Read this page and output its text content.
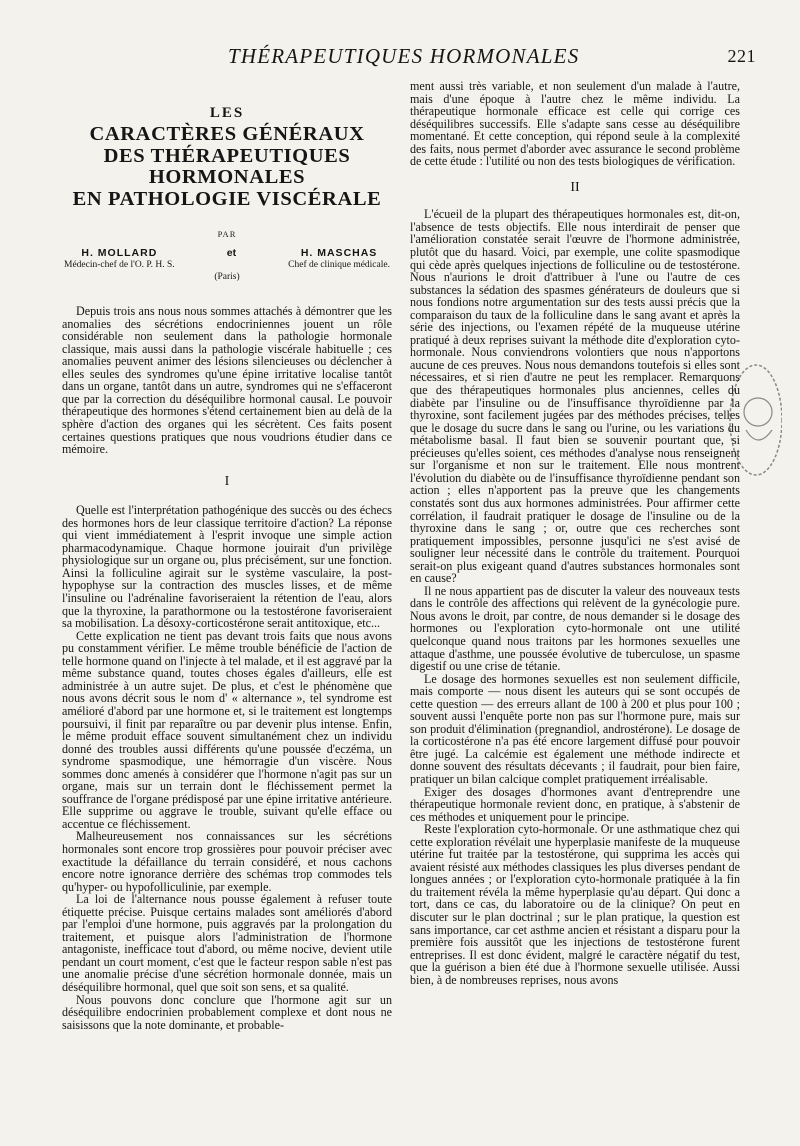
THÉRAPEUTIQUES HORMONALES	221
LES
CARACTÈRES GÉNÉRAUX
DES THÉRAPEUTIQUES
HORMONALES
EN PATHOLOGIE VISCÉRALE
PAR
H. MOLLARD
Médecin-chef de l'O. P. H. S.
et	H. MASCHAS
Chef de clinique médicale.
(Paris)

Depuis trois ans nous nous sommes attachés à démontrer que les anomalies des sécrétions endocriniennes jouent un rôle considérable non seulement dans la pathologie hormonale classique, mais aussi dans la pathologie viscérale habituelle ; ces anomalies peuvent animer des lésions silencieuses ou déclencher à elles seules des syndromes qu'une épine irritative localise tantôt dans un organe, tantôt dans un autre, syndromes qui ne s'effaceront que par la correction du déséquilibre hormonal causal. Le pouvoir thérapeutique des hormones s'étend certainement bien au delà de la sphère d'action des organes qui les sécrètent. Ces faits posent certaines questions pratiques que nous voudrions étudier dans ce mémoire.

I

Quelle est l'interprétation pathogénique des succès ou des échecs des hormones hors de leur classique territoire d'action? La réponse qui vient immédiatement à l'esprit invoque une simple action pharmacodynamique. Chaque hormone jouirait d'un privilège physiologique sur un organe ou, plus précisément, sur une fonction. Ainsi la folliculine agirait sur le système vasculaire, la post-hypophyse sur la contraction des muscles lisses, et de même l'insuline ou l'adrénaline favoriseraient la rétention de l'eau, alors que la thyroxine, la parathormone ou la testostérone favoriseraient sa mobilisation. La désoxy-corticostérone serait antitoxique, etc...

Cette explication ne tient pas devant trois faits que nous avons pu constamment vérifier. Le même trouble bénéficie de l'action de telle hormone quand on l'injecte à tel malade, et il est aggravé par la même substance quand, toutes choses égales d'ailleurs, elle est administrée à un autre sujet. De plus, et c'est le phénomène que nous avons décrit sous le nom d' « alternance », tel syndrome est amélioré d'abord par une hormone et, si le traitement est longtemps poursuivi, il finit par reparaître ou par devenir plus intense. Enfin, le même produit efface souvent simultanément chez un individu donné des troubles aussi différents qu'une poussée d'eczéma, un syndrome spasmodique, une hémorragie d'un viscère. Nous sommes donc amenés à considérer que l'hormone n'agit pas sur un organe, mais sur un terrain dont le fléchissement permet la souffrance de l'organe prédisposé par une épine irritative antérieure. Elle supprime ou aggrave le trouble, suivant qu'elle efface ou accentue ce fléchissement.

Malheureusement nos connaissances sur les sécrétions hormonales sont encore trop grossières pour pouvoir préciser avec exactitude la défaillance du terrain considéré, et nous cachons encore notre ignorance derrière des schémas trop commodes tels qu'hyper- ou hypofolliculinie, par exemple.

La loi de l'alternance nous pousse également à refuser toute étiquette précise. Puisque certains malades sont améliorés d'abord par l'emploi d'une hormone, puis aggravés par la prolongation du traitement, et puisque alors l'administration de l'hormone antagoniste, inefficace tout d'abord, ou même nocive, devient utile pendant un court moment, c'est que le facteur respon sable n'est pas une anomalie précise d'une sécrétion hormonale donnée, mais un déséquilibre hormonal, quel que soit son sens, et sa qualité.

Nous pouvons donc conclure que l'hormone agit sur un déséquilibre endocrinien probablement complexe et dont nous ne saisissons que la note dominante, et probable-

ment aussi très variable, et non seulement d'un malade à l'autre, mais d'une époque à l'autre chez le même individu. La thérapeutique hormonale efficace est celle qui corrige ces déséquilibres successifs. Elle s'adapte sans cesse au déséquilibre momentané. Et cette conception, qui répond seule à la complexité des faits, nous permet d'aborder avec assurance le second problème de cette étude : l'utilité ou non des tests biologiques de vérification.

II

L'écueil de la plupart des thérapeutiques hormonales est, dit-on, l'absence de tests objectifs. Elle nous interdirait de penser que l'amélioration constatée serait l'œuvre de l'hormone administrée, plutôt que du hasard. Voici, par exemple, une colite spasmodique qui cède après quelques injections de folliculine ou de testostérone. Nous n'aurions le droit d'attribuer à l'une ou l'autre de ces substances la sédation des spasmes générateurs de douleurs que si nous fondions notre argumentation sur des tests aussi précis que la comparaison du taux de la folliculine dans le sang avant et après la série des injections, ou l'examen répété de la muqueuse utérine pratiqué à deux reprises suivant la méthode dite d'exploration cyto-hormonale. Nous conviendrons volontiers que nous n'apportons aucune de ces preuves. Nous nous demandons toutefois si elles sont nécessaires, et si rien d'autre ne peut les remplacer. Remarquons que des thérapeutiques hormonales plus anciennes, celles du diabète par l'insuline ou de l'insuffisance thyroïdienne par la thyroxine, sont facilement jugées par des méthodes précises, telles que le dosage du sucre dans le sang ou l'urine, ou les variations du métabolisme basal. Il faut bien se souvenir pourtant que, si précieuses qu'elles soient, ces méthodes d'analyse nous renseignent sur l'organisme et non sur le traitement. Elle nous montrent l'évolution du diabète ou de l'insuffisance thyroïdienne pendant son action ; elles n'apportent pas la preuve que les changements constatés sont dus aux hormones administrées. Pour affirmer cette corrélation, il faudrait pratiquer le dosage de l'insuline ou de la thyroxine dans le sang ; or, outre que ces recherches sont pratiquement impossibles, personne jusqu'ici ne s'est avisé de souligner leur nécessité dans le contrôle du traitement. Pourquoi serait-on plus exigeant quand d'autres substances hormonales sont en cause?

Il ne nous appartient pas de discuter la valeur des nouveaux tests dans le contrôle des affections qui relèvent de la gynécologie pure. Nous avons le droit, par contre, de nous demander si le dosage des hormones ou l'exploration cyto-hormonale ont une utilité quelconque quand nous traitons par les hormones sexuelles une attaque d'asthme, une poussée évolutive de tuberculose, un spasme digestif ou une crise de tétanie.

Le dosage des hormones sexuelles est non seulement difficile, mais comporte — nous disent les auteurs qui se sont occupés de cette question — des erreurs allant de 100 à 200 et plus pour 100 ; souvent aussi l'enquête porte non pas sur l'hormone pure, mais sur son produit d'élimination (pregnandiol, androstérone). Le dosage de la corticostérone n'a pas été encore largement diffusé pour pouvoir être jugé. La calcémie est également une méthode indirecte et donne souvent des résultats décevants ; il faudrait, pour bien faire, pratiquer un bilan calcique complet pratiquement irréalisable.

Exiger des dosages d'hormones avant d'entreprendre une thérapeutique hormonale revient donc, en pratique, à s'abstenir de ces méthodes et uniquement pour le principe.

Reste l'exploration cyto-hormonale. Or une asthmatique chez qui cette exploration révélait une hyperplasie manifeste de la muqueuse utérine fut traitée par la testostérone, qui supprima les accès qui avaient résisté aux méthodes classiques les plus diverses pendant de longues années ; or l'exploration cyto-hormonale pratiquée à la fin du traitement révéla la même hyperplasie qu'au départ. Qui donc a tort, dans ce cas, du laboratoire ou de la clinique? On peut en discuter sur le plan doctrinal ; sur le plan pratique, la question est sans importance, car cet asthme ancien et résistant a disparu pour la première fois aussitôt que les injections de testostérone furent entreprises. Il est donc évident, malgré le caractère négatif du test, que la guérison a bien été due à l'hormone sexuelle utilisée. Aussi bien, à de nombreuses reprises, nous avons
